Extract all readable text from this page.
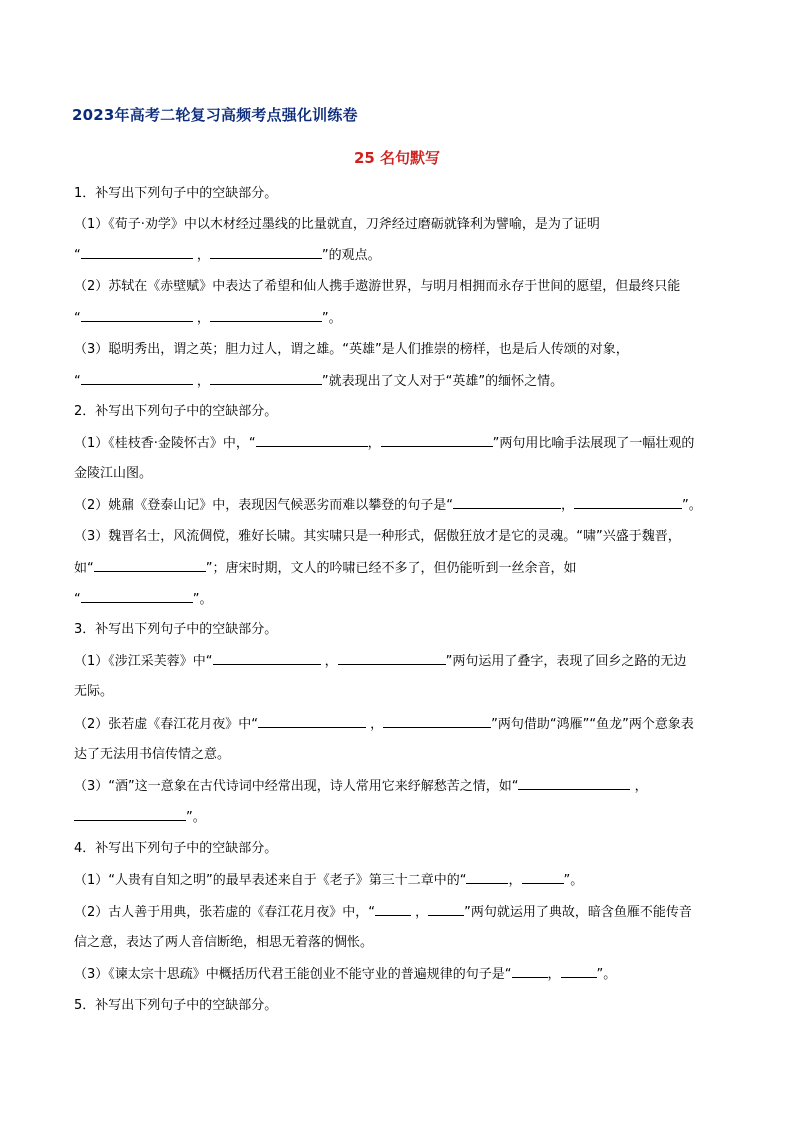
2023年高考二轮复习高频考点强化训练卷
25 名句默写
1．补写出下列句子中的空缺部分。
（1）《荀子·劝学》中以木材经过墨线的比量就直，刀斧经过磨砺就锋利为譬喻，是为了证明
“	，	”的观点。
（2）苏轼在《赤壁赋》中表达了希望和仙人携手遨游世界，与明月相拥而永存于世间的愿望，但最终只能
“	，	”。
（3）聪明秀出，谓之英；胆力过人，谓之雄。“英雄”是人们推崇的榜样，也是后人传颂的对象，
“	，	”就表现出了文人对于“英雄”的缅怀之情。
2．补写出下列句子中的空缺部分。
（1）《桂枝香·金陵怀古》中，“	，	”两句用比喻手法展现了一幅壮观的
金陵江山图。
（2）姚鼐《登泰山记》中，表现因气候恶劣而难以攀登的句子是“	，	”。
（3）魏晋名士，风流倜傥，雅好长啸。其实啸只是一种形式，倨傲狂放才是它的灵魂。“啸”兴盛于魏晋，
如“	”；唐宋时期，文人的吟啸已经不多了，但仍能听到一丝余音，如
“	”。
3．补写出下列句子中的空缺部分。
（1）《涉江采芙蓉》中“	，	”两句运用了叠字，表现了回乡之路的无边
无际。
（2）张若虚《春江花月夜》中“	，	”两句借助“鸿雁”“鱼龙”两个意象表
达了无法用书信传情之意。
（3）“酒”这一意象在古代诗词中经常出现，诗人常用它来纾解愁苦之情，如“	，
”。
4．补写出下列句子中的空缺部分。
（1）“人贵有自知之明”的最早表述来自于《老子》第三十二章中的“	，	”。
（2）古人善于用典，张若虚的《春江花月夜》中，“	，	”两句就运用了典故，暗含鱼雁不能传音
信之意，表达了两人音信断绝，相思无着落的惆怅。
（3）《谏太宗十思疏》中概括历代君王能创业不能守业的普遍规律的句子是“	，	”。
5．补写出下列句子中的空缺部分。
